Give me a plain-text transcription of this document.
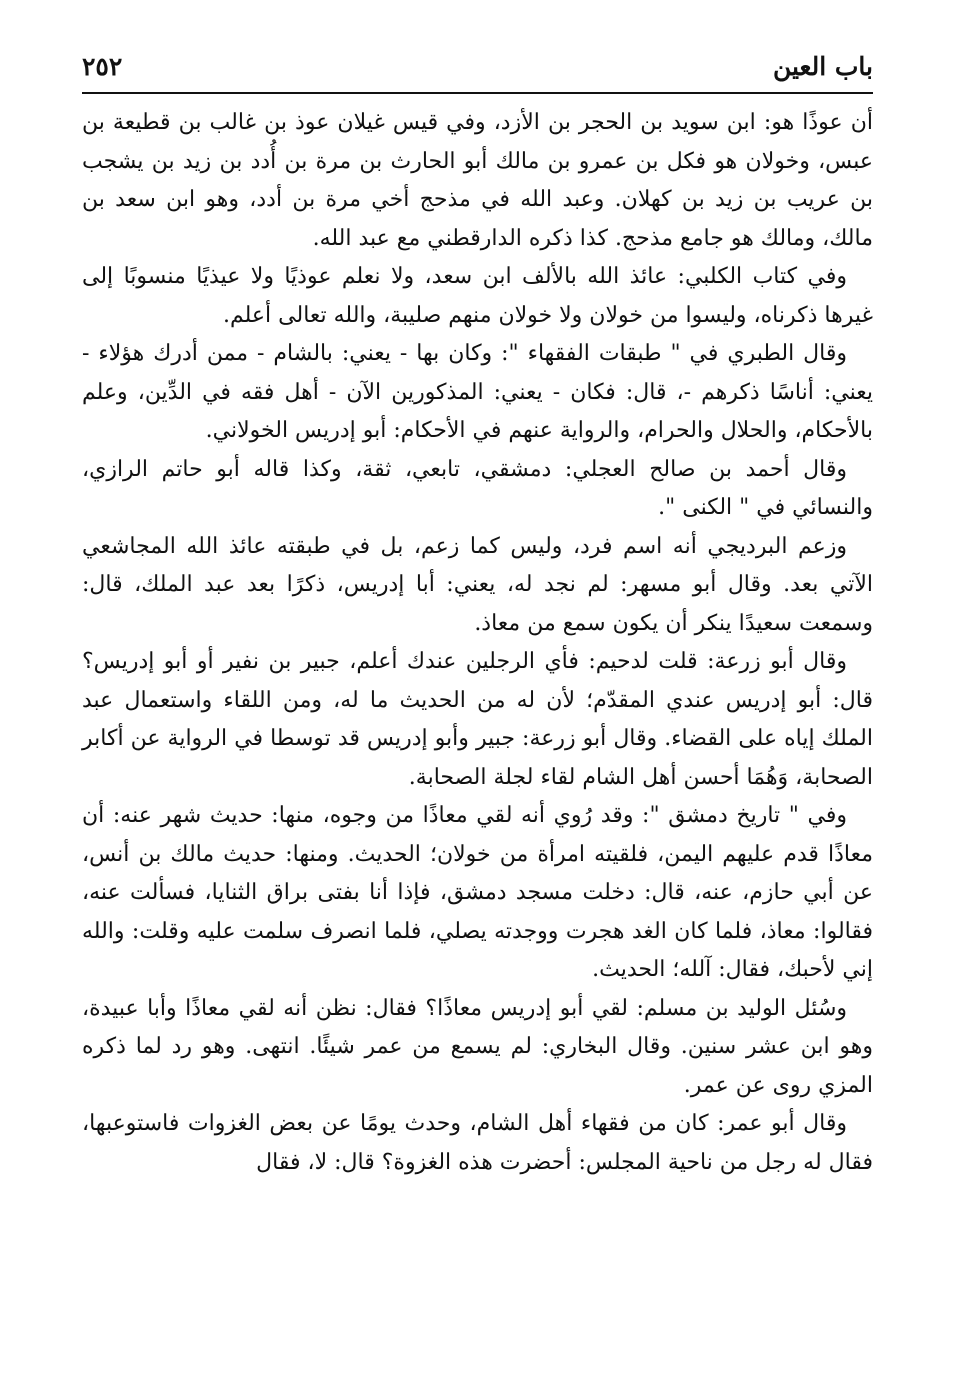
باب العين
٢٥٢

أن عوذًا هو: ابن سويد بن الحجر بن الأزد، وفي قيس غيلان عوذ بن غالب بن قطيعة بن عبس، وخولان هو فكل بن عمرو بن مالك أبو الحارث بن مرة بن أُدد بن زيد بن يشجب بن عريب بن زيد بن كهلان. وعبد الله في مذحج أخي مرة بن أدد، وهو ابن سعد بن مالك، ومالك هو جامع مذحج. كذا ذكره الدارقطني مع عبد الله.

وفي كتاب الكلبي: عائذ الله بالألف ابن سعد، ولا نعلم عوذيًا ولا عيذيًا منسوبًا إلى غيرها ذكرناه، وليسوا من خولان ولا خولان منهم صليبة، والله تعالى أعلم.

وقال الطبري في " طبقات الفقهاء ": وكان بها - يعني: بالشام - ممن أدرك هؤلاء - يعني: أناسًا ذكرهم -، قال: فكان - يعني: المذكورين الآن - أهل فقه في الدِّين، وعلم بالأحكام، والحلال والحرام، والرواية عنهم في الأحكام: أبو إدريس الخولاني.

وقال أحمد بن صالح العجلي: دمشقي، تابعي، ثقة، وكذا قاله أبو حاتم الرازي، والنسائي في " الكنى ".

وزعم البرديجي أنه اسم فرد، وليس كما زعم، بل في طبقته عائذ الله المجاشعي الآتي بعد. وقال أبو مسهر: لم نجد له، يعني: أبا إدريس، ذكرًا بعد عبد الملك، قال: وسمعت سعيدًا ينكر أن يكون سمع من معاذ.

وقال أبو زرعة: قلت لدحيم: فأي الرجلين عندك أعلم، جبير بن نفير أو أبو إدريس؟ قال: أبو إدريس عندي المقدّم؛ لأن له من الحديث ما له، ومن اللقاء واستعمال عبد الملك إياه على القضاء. وقال أبو زرعة: جبير وأبو إدريس قد توسطا في الرواية عن أكابر الصحابة، وَهُمَا أحسن أهل الشام لقاء لجلة الصحابة.

وفي " تاريخ دمشق ": وقد رُوي أنه لقي معاذًا من وجوه، منها: حديث شهر عنه: أن معاذًا قدم عليهم اليمن، فلقيته امرأة من خولان؛ الحديث. ومنها: حديث مالك بن أنس، عن أبي حازم، عنه، قال: دخلت مسجد دمشق، فإذا أنا بفتى براق الثنايا، فسألت عنه، فقالوا: معاذ، فلما كان الغد هجرت ووجدته يصلي، فلما انصرف سلمت عليه وقلت: والله إني لأحبك، فقال: آلله؛ الحديث.

وسُئل الوليد بن مسلم: لقي أبو إدريس معاذًا؟ فقال: نظن أنه لقي معاذًا وأبا عبيدة، وهو ابن عشر سنين. وقال البخاري: لم يسمع من عمر شيئًا. انتهى. وهو رد لما ذكره المزي روى عن عمر.

وقال أبو عمر: كان من فقهاء أهل الشام، وحدث يومًا عن بعض الغزوات فاستوعبها، فقال له رجل من ناحية المجلس: أحضرت هذه الغزوة؟ قال: لا، فقال
